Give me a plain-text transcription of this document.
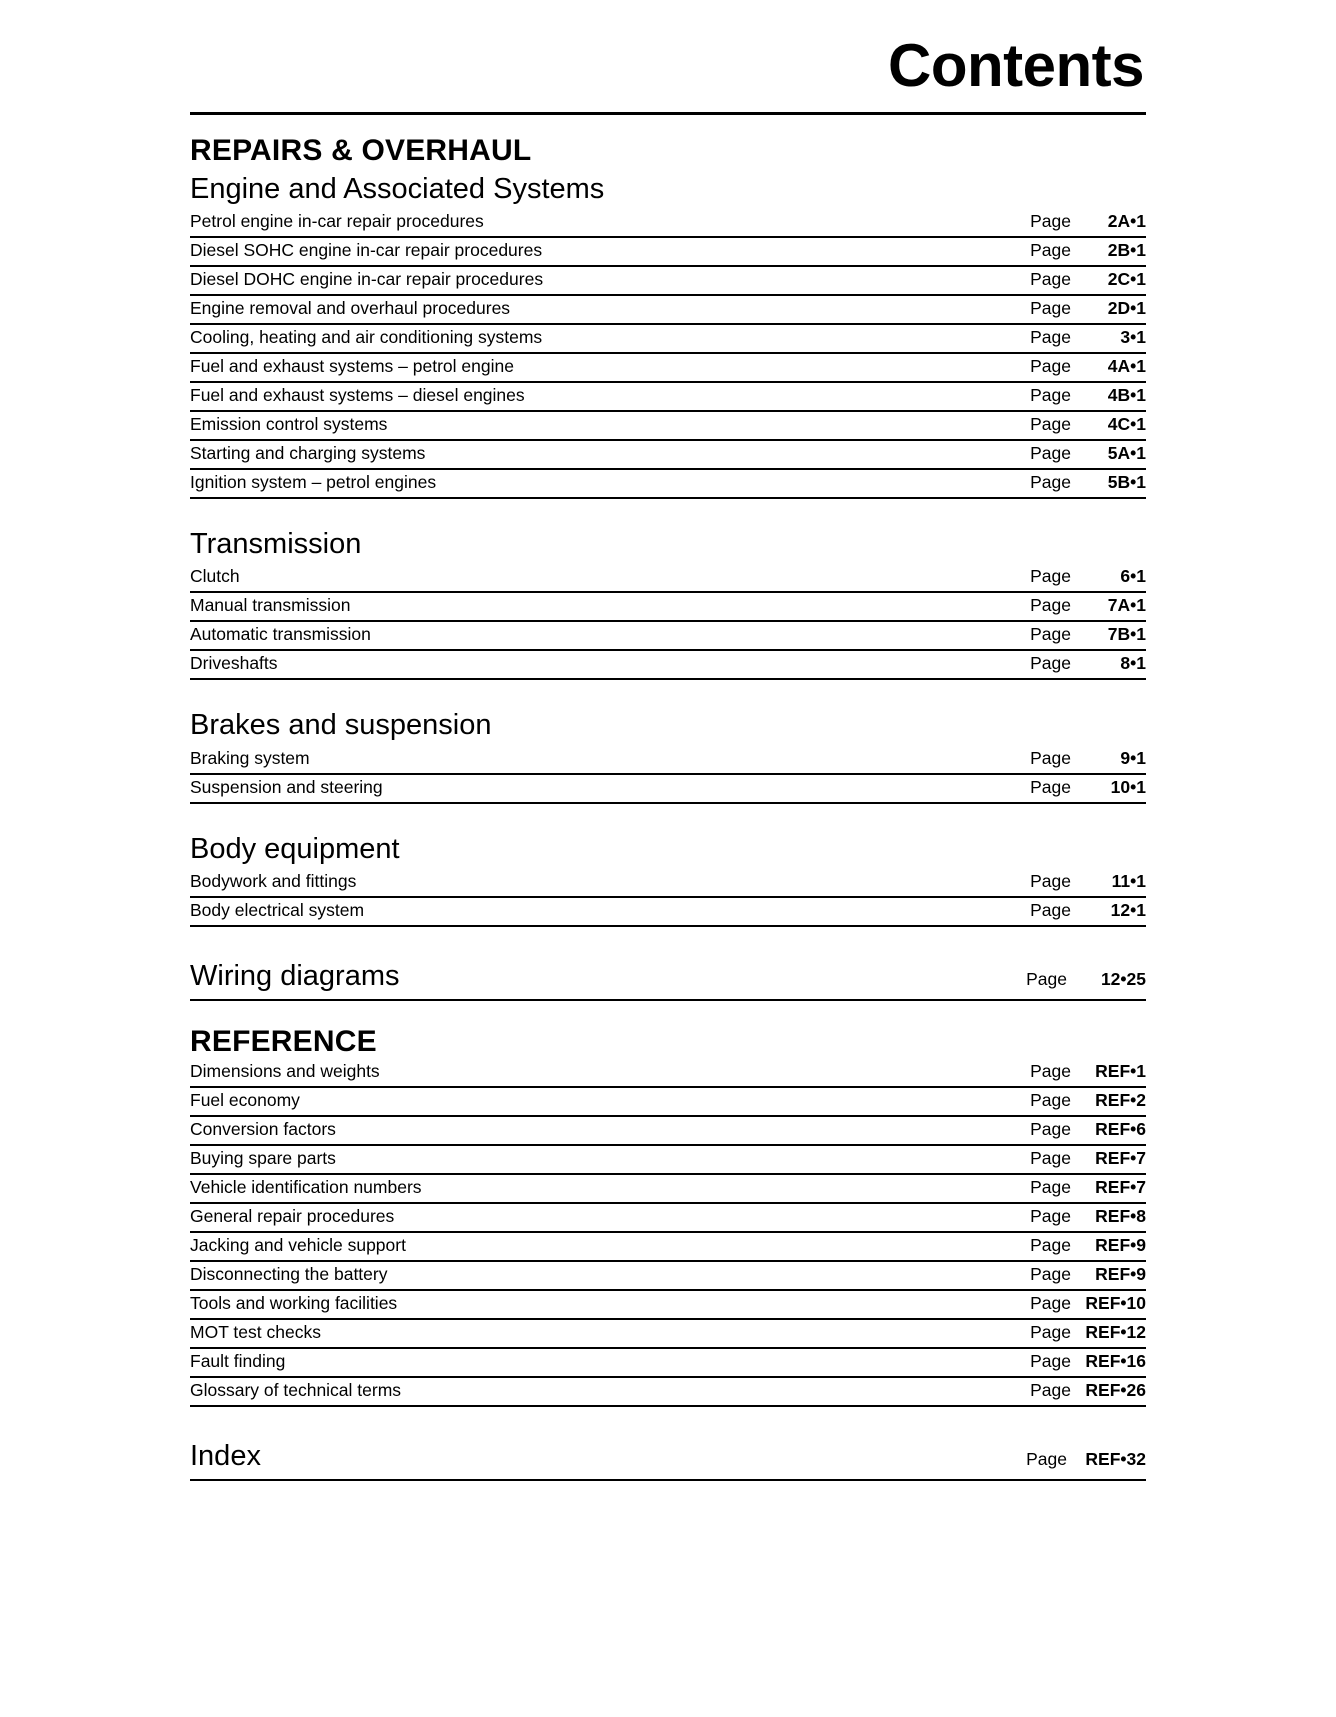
Contents
REPAIRS & OVERHAUL
Engine and Associated Systems
Petrol engine in-car repair procedures	Page	2A•1
Diesel SOHC engine in-car repair procedures	Page	2B•1
Diesel DOHC engine in-car repair procedures	Page	2C•1
Engine removal and overhaul procedures	Page	2D•1
Cooling, heating and air conditioning systems	Page	3•1
Fuel and exhaust systems – petrol engine	Page	4A•1
Fuel and exhaust systems – diesel engines	Page	4B•1
Emission control systems	Page	4C•1
Starting and charging systems	Page	5A•1
Ignition system – petrol engines	Page	5B•1
Transmission
Clutch	Page	6•1
Manual transmission	Page	7A•1
Automatic transmission	Page	7B•1
Driveshafts	Page	8•1
Brakes and suspension
Braking system	Page	9•1
Suspension and steering	Page	10•1
Body equipment
Bodywork and fittings	Page	11•1
Body electrical system	Page	12•1
Wiring diagrams	Page	12•25
REFERENCE
Dimensions and weights	Page	REF•1
Fuel economy	Page	REF•2
Conversion factors	Page	REF•6
Buying spare parts	Page	REF•7
Vehicle identification numbers	Page	REF•7
General repair procedures	Page	REF•8
Jacking and vehicle support	Page	REF•9
Disconnecting the battery	Page	REF•9
Tools and working facilities	Page REF•10
MOT test checks	Page REF•12
Fault finding	Page REF•16
Glossary of technical terms	Page REF•26
Index	Page	REF•32
